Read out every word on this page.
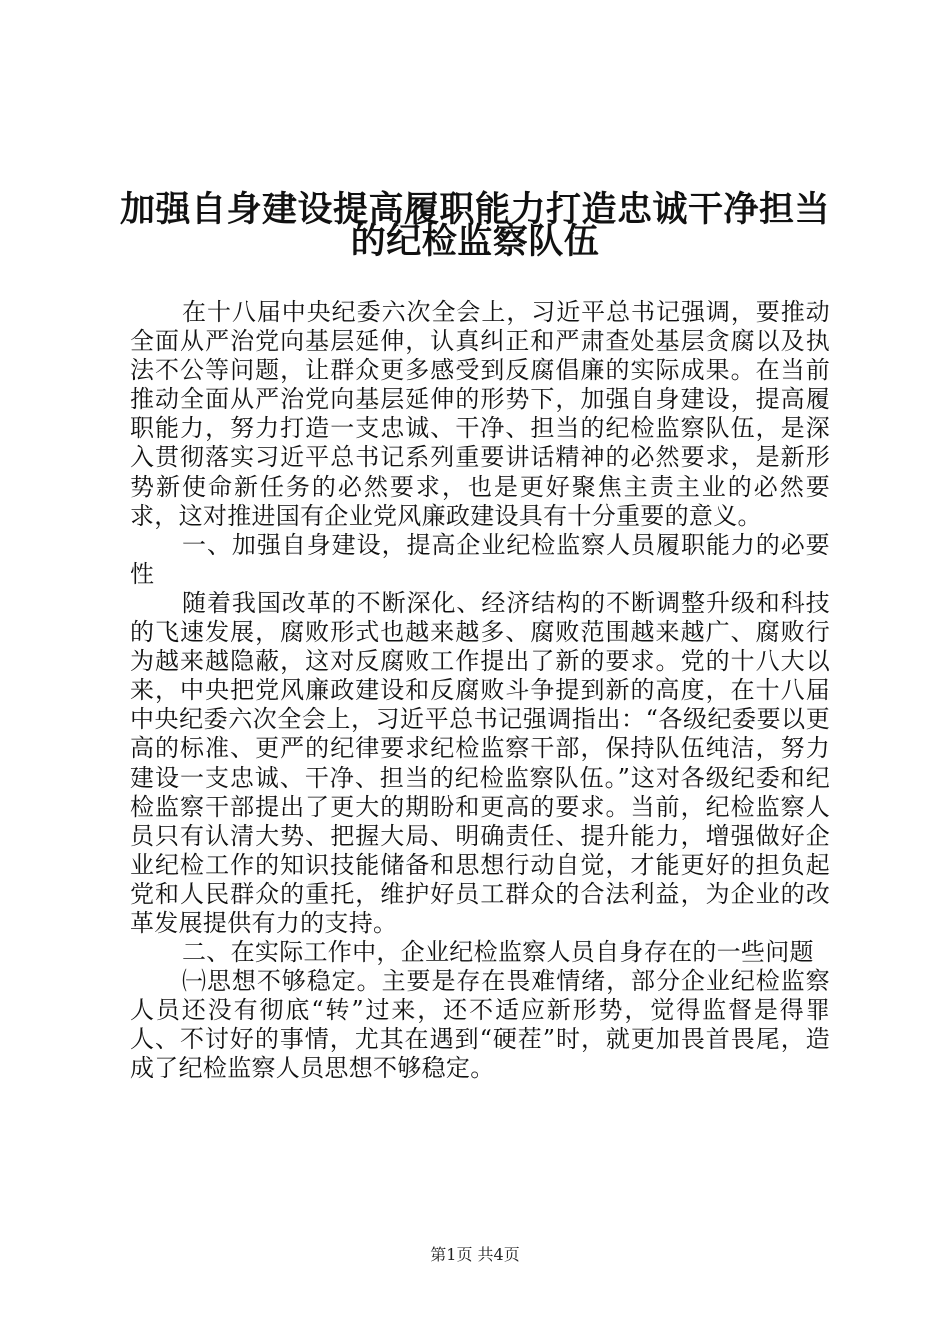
加强自身建设提高履职能力打造忠诚干净担当
的纪检监察队伍

在十八届中央纪委六次全会上，习近平总书记强调，要推动全面从严治党向基层延伸，认真纠正和严肃查处基层贪腐以及执法不公等问题，让群众更多感受到反腐倡廉的实际成果。在当前推动全面从严治党向基层延伸的形势下，加强自身建设，提高履职能力，努力打造一支忠诚、干净、担当的纪检监察队伍，是深入贯彻落实习近平总书记系列重要讲话精神的必然要求，是新形势新使命新任务的必然要求，也是更好聚焦主责主业的必然要求，这对推进国有企业党风廉政建设具有十分重要的意义。

一、加强自身建设，提高企业纪检监察人员履职能力的必要性

随着我国改革的不断深化、经济结构的不断调整升级和科技的飞速发展，腐败形式也越来越多、腐败范围越来越广、腐败行为越来越隐蔽，这对反腐败工作提出了新的要求。党的十八大以来，中央把党风廉政建设和反腐败斗争提到新的高度，在十八届中央纪委六次全会上，习近平总书记强调指出：“各级纪委要以更高的标准、更严的纪律要求纪检监察干部，保持队伍纯洁，努力建设一支忠诚、干净、担当的纪检监察队伍。”这对各级纪委和纪检监察干部提出了更大的期盼和更高的要求。当前，纪检监察人员只有认清大势、把握大局、明确责任、提升能力，增强做好企业纪检工作的知识技能储备和思想行动自觉，才能更好的担负起党和人民群众的重托，维护好员工群众的合法利益，为企业的改革发展提供有力的支持。

二、在实际工作中，企业纪检监察人员自身存在的一些问题

㈠思想不够稳定。主要是存在畏难情绪，部分企业纪检监察人员还没有彻底“转”过来，还不适应新形势，觉得监督是得罪人、不讨好的事情，尤其在遇到“硬茬”时，就更加畏首畏尾，造成了纪检监察人员思想不够稳定。

第1页 共4页
